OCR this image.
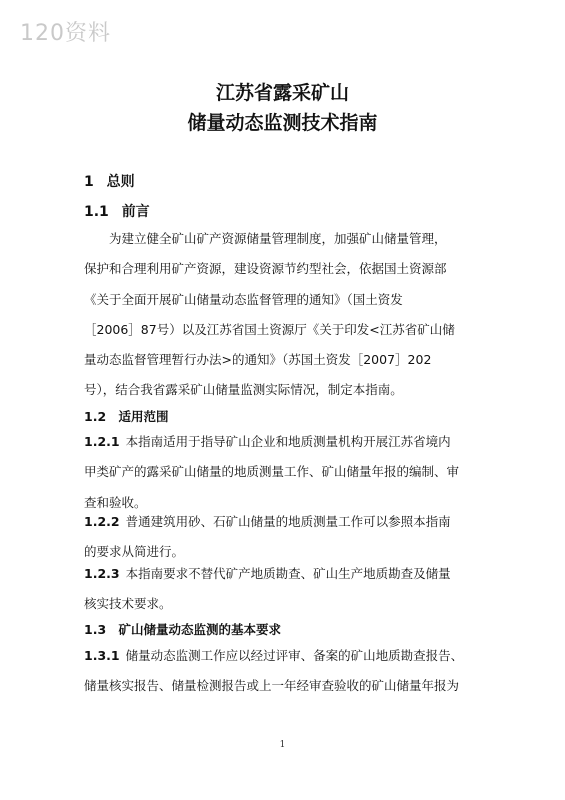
120资料
江苏省露采矿山
储量动态监测技术指南
1 总则
1.1 前言
为建立健全矿山矿产资源储量管理制度，加强矿山储量管理，
保护和合理利用矿产资源，建设资源节约型社会，依据国土资源部
《关于全面开展矿山储量动态监督管理的通知》（国土资发
［2006］87号）以及江苏省国土资源厅《关于印发<江苏省矿山储
量动态监督管理暂行办法>的通知》（苏国土资发［2007］202
号），结合我省露采矿山储量监测实际情况，制定本指南。
1.2 适用范围
1.2.1 本指南适用于指导矿山企业和地质测量机构开展江苏省境内
甲类矿产的露采矿山储量的地质测量工作、矿山储量年报的编制、审
查和验收。
1.2.2 普通建筑用砂、石矿山储量的地质测量工作可以参照本指南
的要求从简进行。
1.2.3 本指南要求不替代矿产地质勘查、矿山生产地质勘查及储量
核实技术要求。
1.3 矿山储量动态监测的基本要求
1.3.1 储量动态监测工作应以经过评审、备案的矿山地质勘查报告、
储量核实报告、储量检测报告或上一年经审查验收的矿山储量年报为
1
